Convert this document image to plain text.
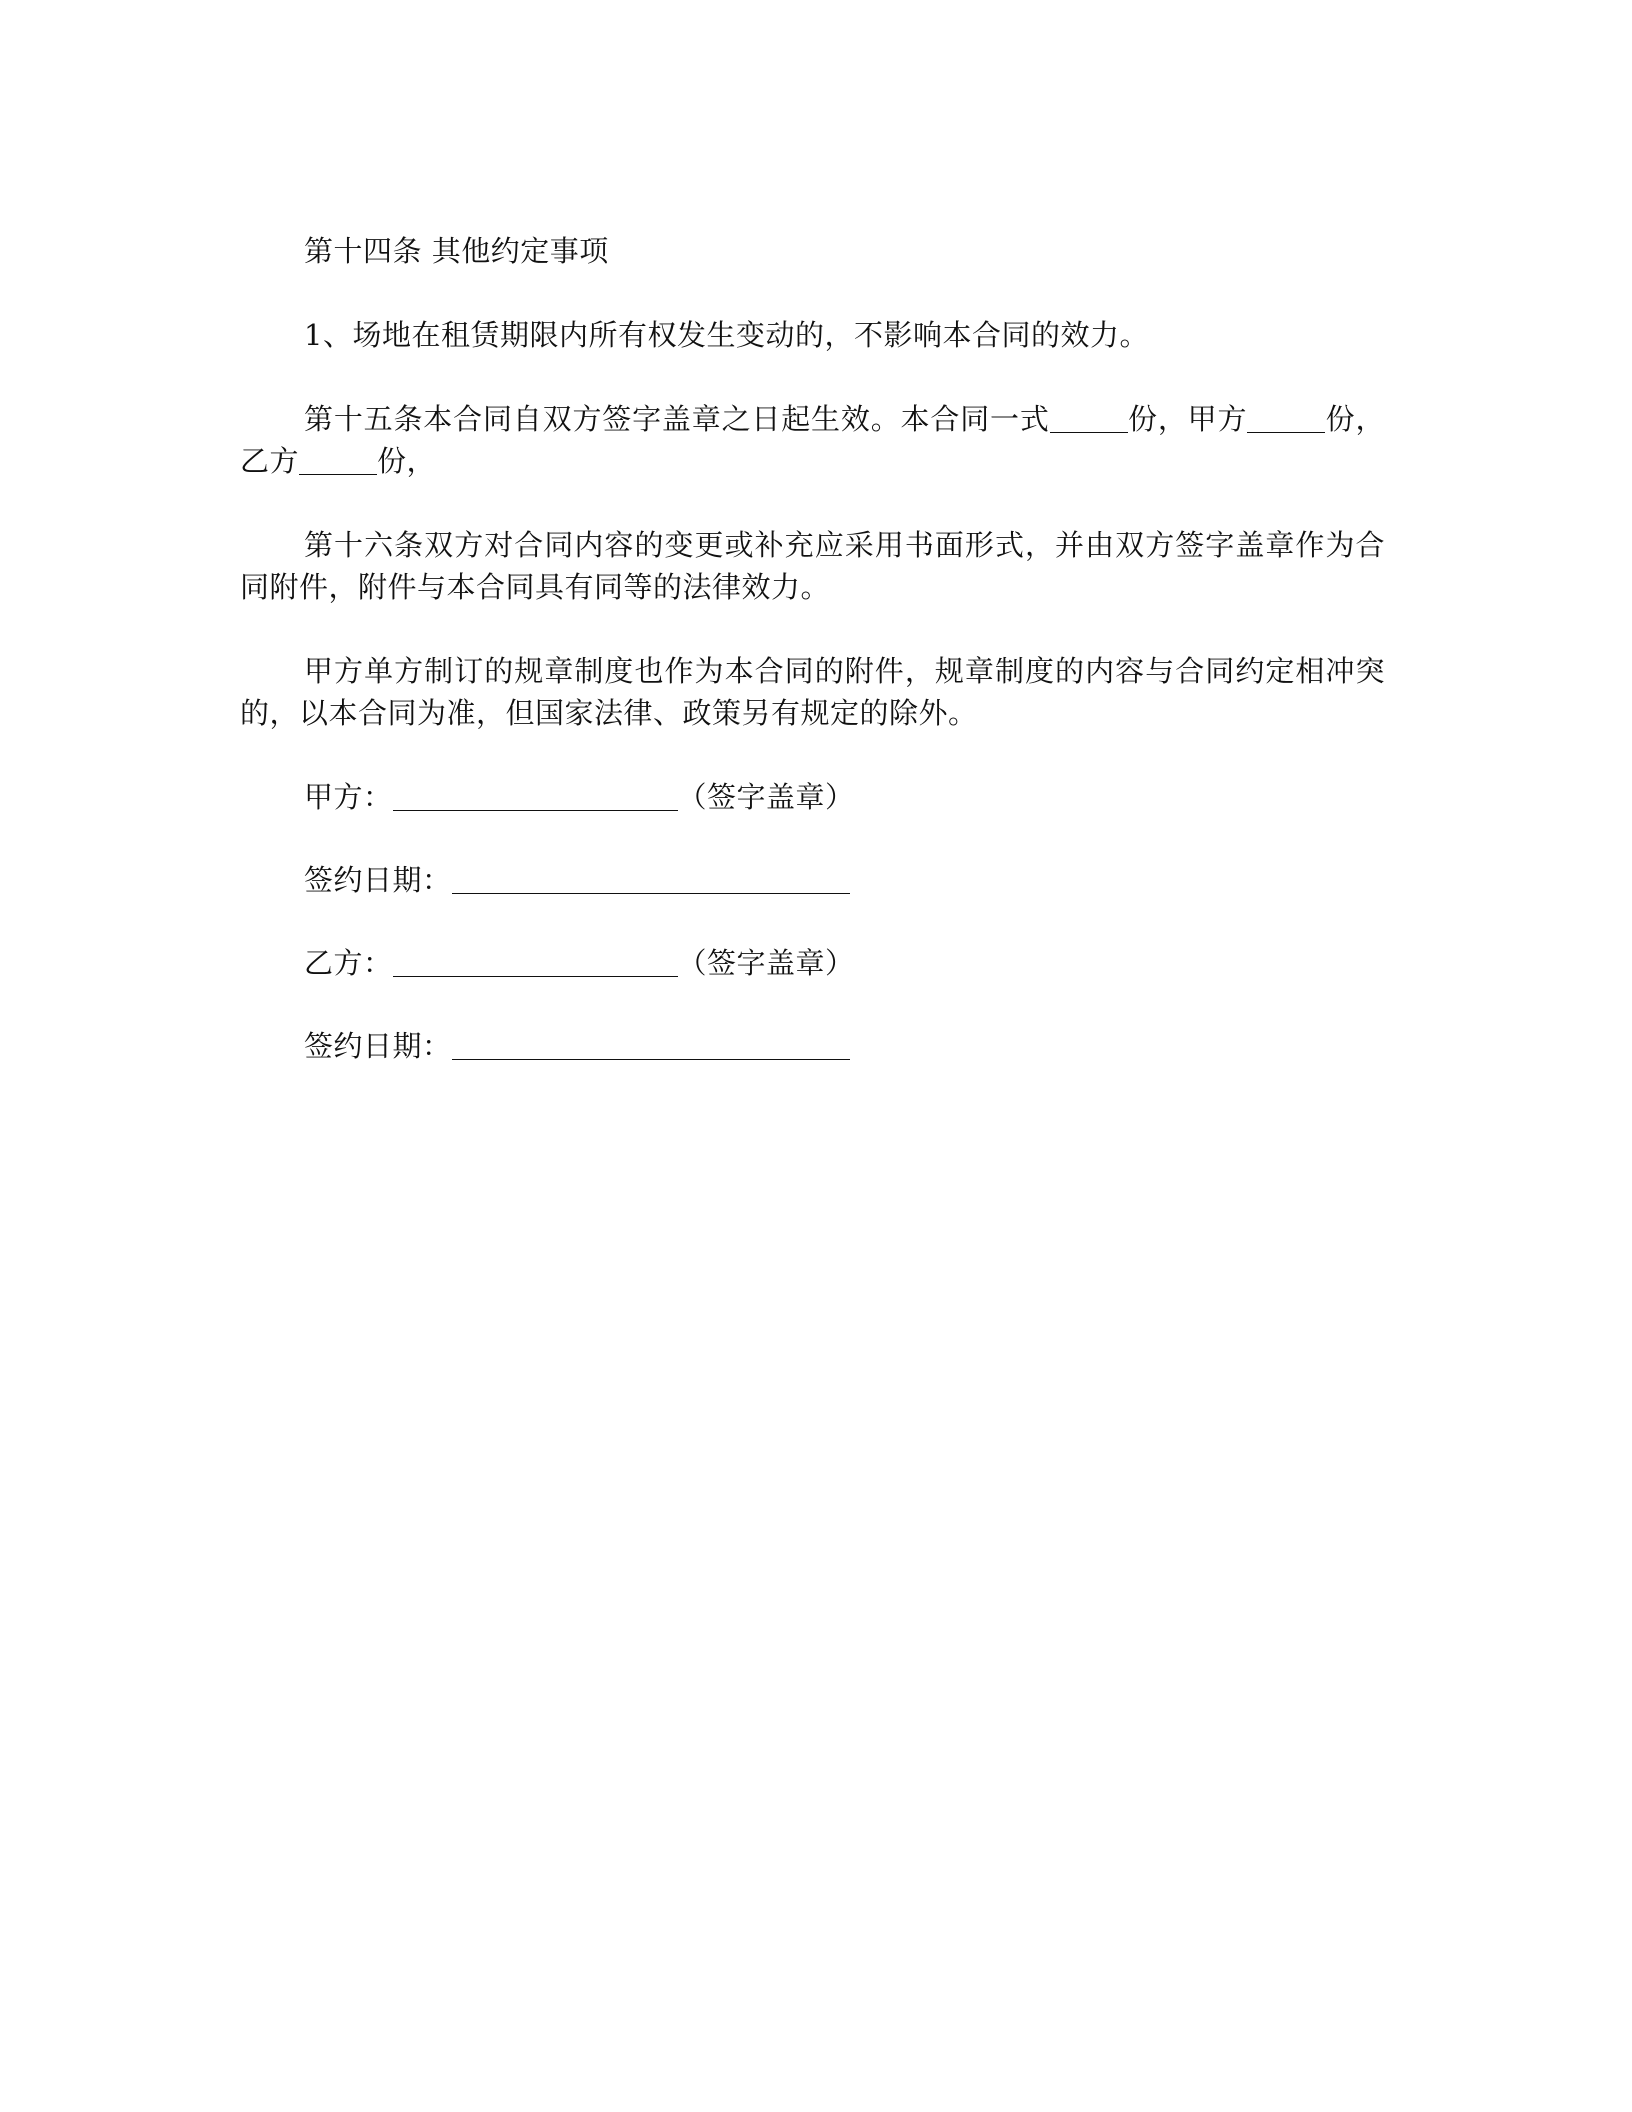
第十四条 其他约定事项

1、场地在租赁期限内所有权发生变动的，不影响本合同的效力。

第十五条本合同自双方签字盖章之日起生效。本合同一式	份，甲方	份，乙方	份，

第十六条双方对合同内容的变更或补充应采用书面形式，并由双方签字盖章作为合同附件，附件与本合同具有同等的法律效力。

甲方单方制订的规章制度也作为本合同的附件，规章制度的内容与合同约定相冲突的，以本合同为准，但国家法律、政策另有规定的除外。

甲方：	（签字盖章）
签约日期：
乙方：	（签字盖章）
签约日期：
